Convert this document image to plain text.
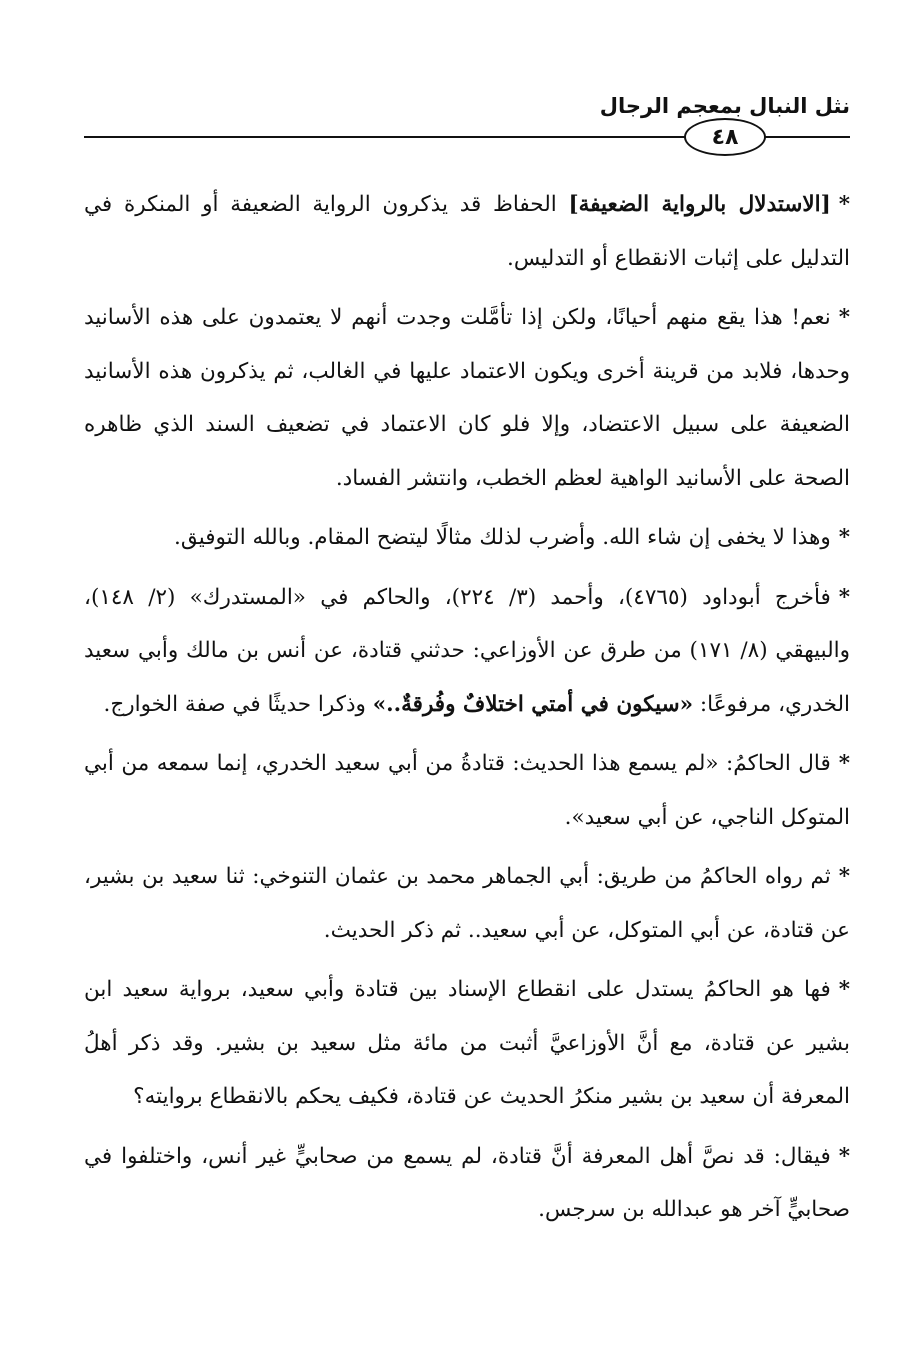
نثل النبال بمعجم الرجال
٤٨

*[الاستدلال بالرواية الضعيفة] الحفاظ قد يذكرون الرواية الضعيفة أو المنكرة في التدليل على إثبات الانقطاع أو التدليس.

*نعم! هذا يقع منهم أحيانًا، ولكن إذا تأمَّلت وجدت أنهم لا يعتمدون على هذه الأسانيد وحدها، فلابد من قرينة أخرى ويكون الاعتماد عليها في الغالب، ثم يذكرون هذه الأسانيد الضعيفة على سبيل الاعتضاد، وإلا فلو كان الاعتماد في تضعيف السند الذي ظاهره الصحة على الأسانيد الواهية لعظم الخطب، وانتشر الفساد.

*وهذا لا يخفى إن شاء الله. وأضرب لذلك مثالًا ليتضح المقام. وبالله التوفيق.

*فأخرج أبوداود (٤٧٦٥)، وأحمد (٣/ ٢٢٤)، والحاكم في «المستدرك» (٢/ ١٤٨)، والبيهقي (٨/ ١٧١) من طرق عن الأوزاعي: حدثني قتادة، عن أنس بن مالك وأبي سعيد الخدري، مرفوعًا: «سيكون في أمتي اختلافٌ وفُرقةٌ..» وذكرا حديثًا في صفة الخوارج.

*قال الحاكمُ: «لم يسمع هذا الحديث: قتادةُ من أبي سعيد الخدري، إنما سمعه من أبي المتوكل الناجي، عن أبي سعيد».

*ثم رواه الحاكمُ من طريق: أبي الجماهر محمد بن عثمان التنوخي: ثنا سعيد بن بشير، عن قتادة، عن أبي المتوكل، عن أبي سعيد.. ثم ذكر الحديث.

*فها هو الحاكمُ يستدل على انقطاع الإسناد بين قتادة وأبي سعيد، برواية سعيد ابن بشير عن قتادة، مع أنَّ الأوزاعيَّ أثبت من مائة مثل سعيد بن بشير. وقد ذكر أهلُ المعرفة أن سعيد بن بشير منكرُ الحديث عن قتادة، فكيف يحكم بالانقطاع بروايته؟

*فيقال: قد نصَّ أهل المعرفة أنَّ قتادة، لم يسمع من صحابيٍّ غير أنس، واختلفوا في صحابيٍّ آخر هو عبدالله بن سرجس.
